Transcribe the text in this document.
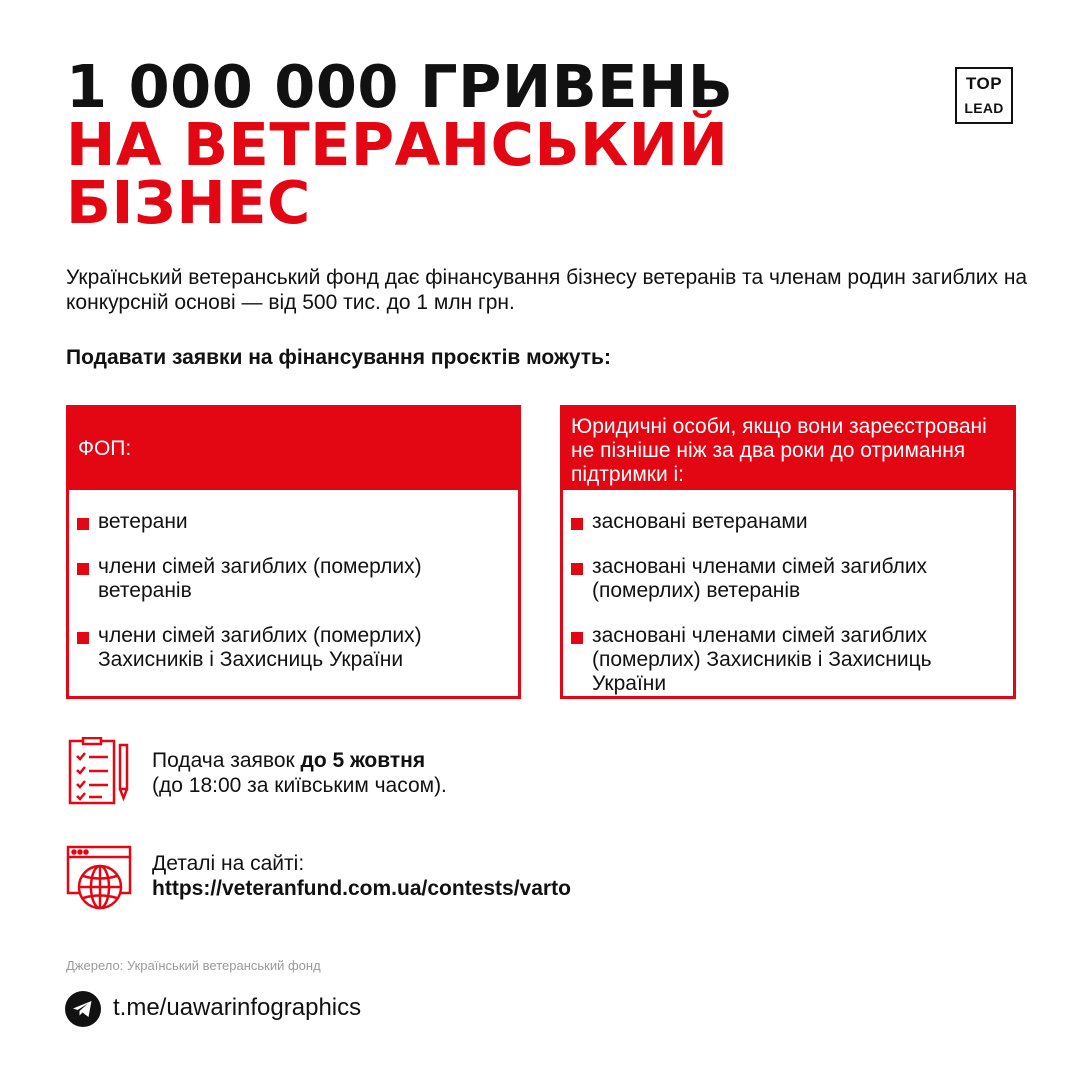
1 000 000 ГРИВЕНЬ
НА ВЕТЕРАНСЬКИЙ
БІЗНЕС
TOP
LEAD

Український ветеранський фонд дає фінансування бізнесу ветеранів та членам родин загиблих на конкурсній основі — від 500 тис. до 1 млн грн.

Подавати заявки на фінансування проєктів можуть:

ФОП:
ветерани
члени сімей загиблих (померлих) ветеранів
члени сімей загиблих (померлих) Захисників і Захисниць України
Юридичні особи, якщо вони зареєстровані не пізніше ніж за два роки до отримання підтримки і:
засновані ветеранами
засновані членами сімей загиблих (померлих) ветеранів
засновані членами сімей загиблих (померлих) Захисників і Захисниць України

Подача заявок до 5 жовтня
(до 18:00 за київським часом).

Деталі на сайті:
https://veteranfund.com.ua/contests/varto

Джерело: Український ветеранський фонд

t.me/uawarinfographics
